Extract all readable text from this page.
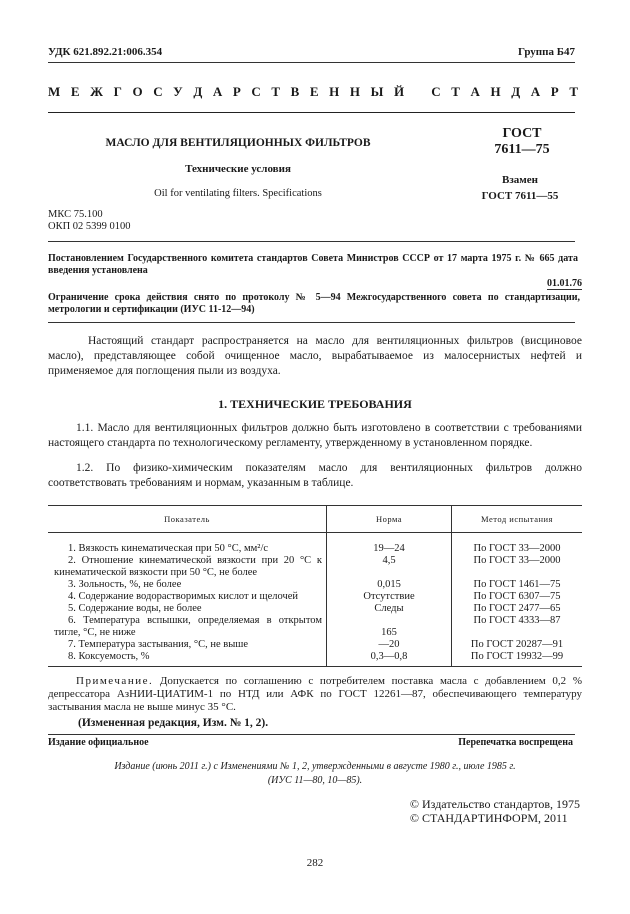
УДК 621.892.21:006.354	Группа Б47
М Е Ж Г О С У Д А Р С Т В Е Н Н Ы Й С Т А Н Д А Р Т
МАСЛО ДЛЯ ВЕНТИЛЯЦИОННЫХ ФИЛЬТРОВ
Технические условия
Oil for ventilating filters. Specifications
ГОСТ
7611—75
Взамен
ГОСТ 7611—55
МКС 75.100
ОКП 02 5399 0100
Постановлением Государственного комитета стандартов Совета Министров СССР от 17 марта 1975 г. № 665 дата введения установлена
01.01.76
Ограничение срока действия снято по протоколу № 5—94 Межгосударственного совета по стандартизации, метрологии и сертификации (ИУС 11-12—94)
Настоящий стандарт распространяется на масло для вентиляционных фильтров (висциновое масло), представляющее собой очищенное масло, вырабатываемое из малосернистых нефтей и применяемое для поглощения пыли из воздуха.
1. ТЕХНИЧЕСКИЕ ТРЕБОВАНИЯ
1.1. Масло для вентиляционных фильтров должно быть изготовлено в соответствии с требованиями настоящего стандарта по технологическому регламенту, утвержденному в установленном порядке.
1.2. По физико-химическим показателям масло для вентиляционных фильтров должно соответствовать требованиям и нормам, указанным в таблице.
Показатель	Норма	Метод испытания

1. Вязкость кинематическая при 50 °С, мм²/с	19—24	По ГОСТ 33—2000

2. Отношение кинематической вязкости при 20 °С к кинематической вязкости при 50 °С, не более	4,5	По ГОСТ 33—2000

3. Зольность, %, не более	0,015	По ГОСТ 1461—75

4. Содержание водорастворимых кислот и щелочей	Отсутствие	По ГОСТ 6307—75

5. Содержание воды, не более	Следы	По ГОСТ 2477—65

6. Температура вспышки, определяемая в открытом тигле, °С, не ниже	165	По ГОСТ 4333—87

7. Температура застывания, °С, не выше	—20	По ГОСТ 20287—91

8. Коксуемость, %	0,3—0,8	По ГОСТ 19932—99
Примечание. Допускается по соглашению с потребителем поставка масла с добавлением 0,2 % депрессатора АзНИИ-ЦИАТИМ-1 по НТД или АФК по ГОСТ 12261—87, обеспечивающего температуру застывания масла не выше минус 35 °С.
(Измененная редакция, Изм. № 1, 2).
Издание официальное	Перепечатка воспрещена
Издание (июнь 2011 г.) с Изменениями № 1, 2, утвержденными в августе 1980 г., июле 1985 г.
(ИУС 11—80, 10—85).
© Издательство стандартов, 1975
© СТАНДАРТИНФОРМ, 2011
282
